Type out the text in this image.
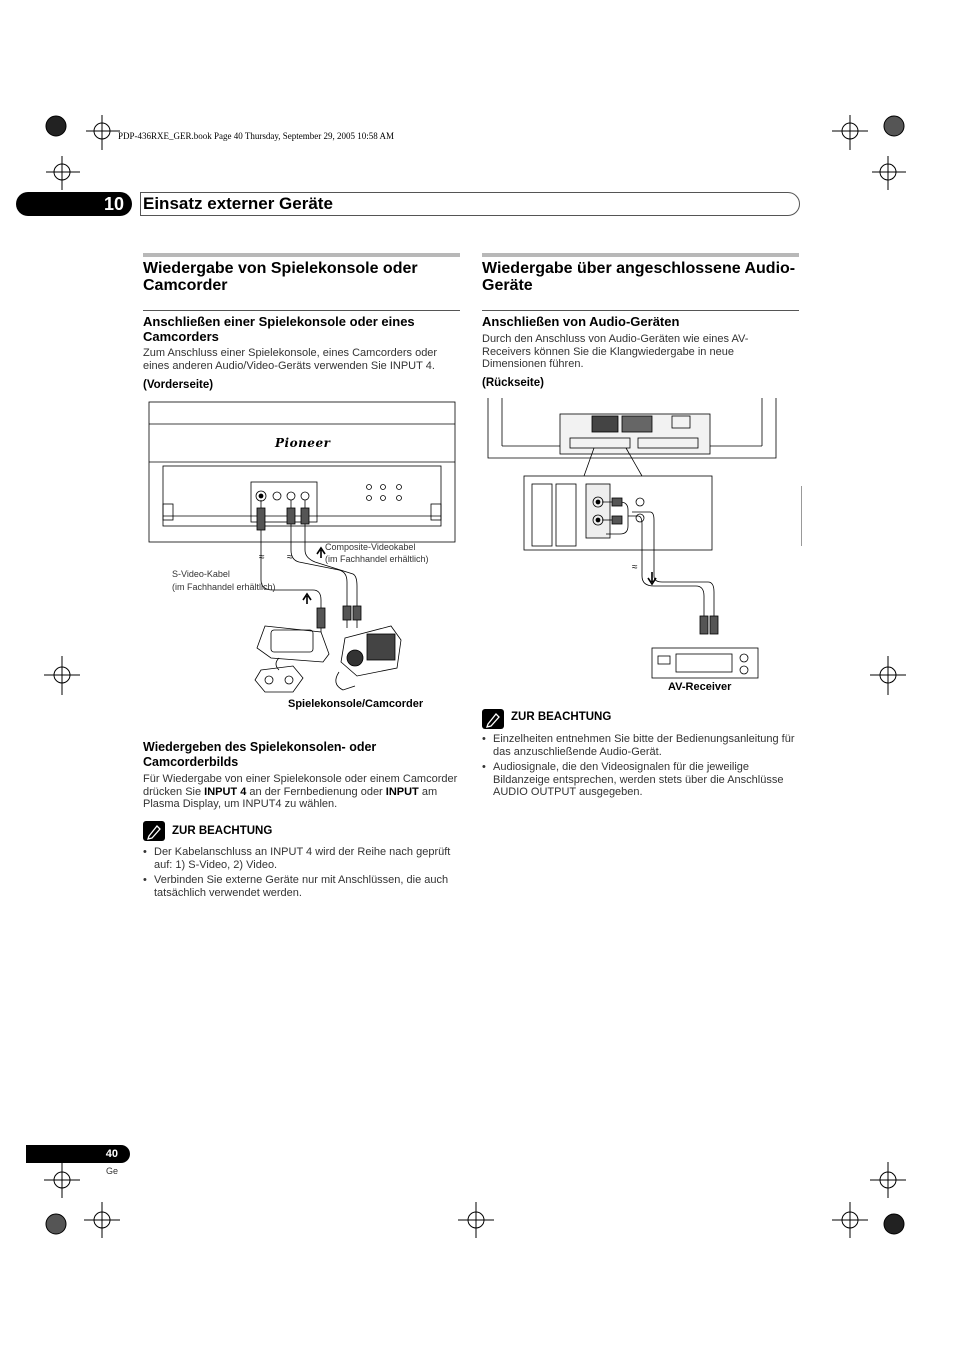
PDP-436RXE_GER.book Page 40 Thursday, September 29, 2005 10:58 AM
10	Einsatz externer Geräte
Wiedergabe von Spielekonsole oder Camcorder
Anschließen einer Spielekonsole oder eines Camcorders
Zum Anschluss einer Spielekonsole, eines Camcorders oder eines anderen Audio/Video-Geräts verwenden Sie INPUT 4.
(Vorderseite)
≈ ≈
Pioneer
Composite-Videokabel
(im Fachhandel erhältlich)
S-Video-Kabel
(im Fachhandel erhältlich)
Spielekonsole/Camcorder
Wiedergeben des Spielekonsolen- oder Camcorderbilds
Für Wiedergabe von einer Spielekonsole oder einem Camcorder drücken Sie INPUT 4 an der Fernbedienung oder INPUT am Plasma Display, um INPUT4 zu wählen.
ZUR BEACHTUNG
• Der Kabelanschluss an INPUT 4 wird der Reihe nach geprüft auf: 1) S-Video, 2) Video.
• Verbinden Sie externe Geräte nur mit Anschlüssen, die auch tatsächlich verwendet werden.
Wiedergabe über angeschlossene Audio-Geräte
Anschließen von Audio-Geräten
Durch den Anschluss von Audio-Geräten wie eines AV-Receivers können Sie die Klangwiedergabe in neue Dimensionen führen.
(Rückseite)
≈
AV-Receiver
ZUR BEACHTUNG
• Einzelheiten entnehmen Sie bitte der Bedienungsanleitung für das anzuschließende Audio-Gerät.
• Audiosignale, die den Videosignalen für die jeweilige Bildanzeige entsprechen, werden stets über die Anschlüsse AUDIO OUTPUT ausgegeben.
40
Ge
